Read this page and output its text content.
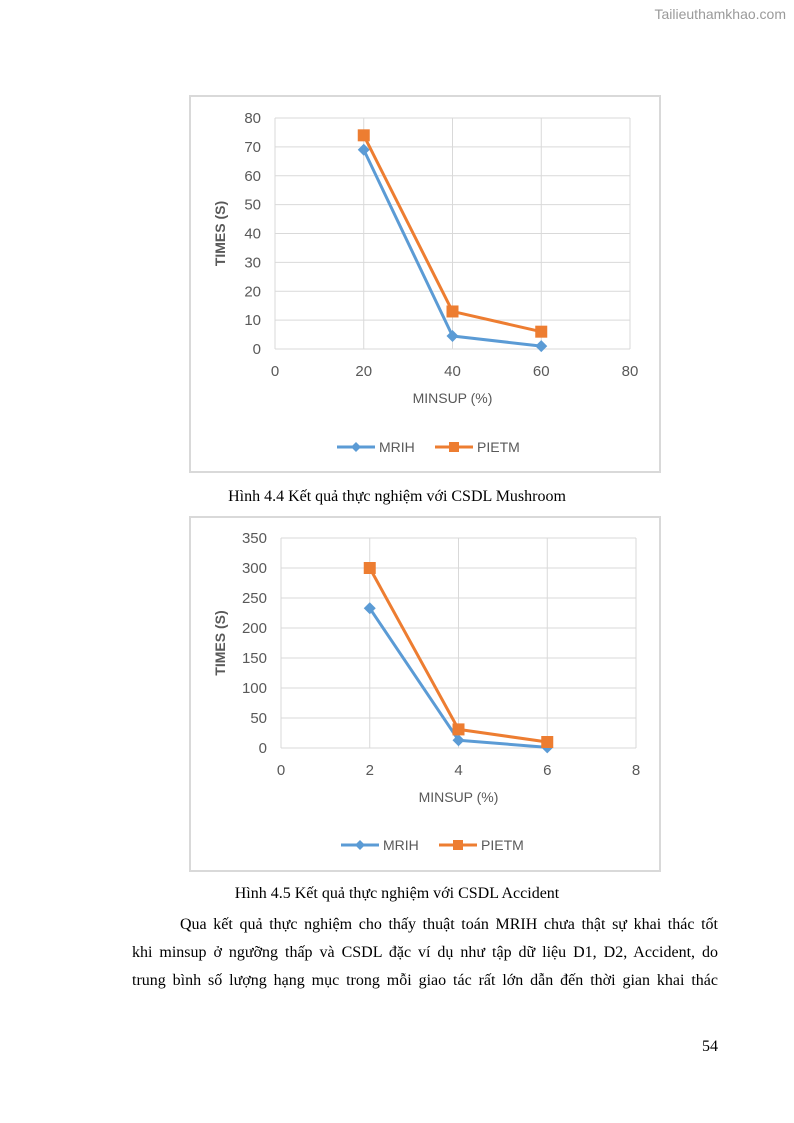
Tailieuthamkhao.com
0
10
20
30
40
50
60
70
80
0	20	40	60	80
MINSUP (%)
TIMES (S)
MRIH	PIETM
Hình 4.4 Kết quả thực nghiệm với CSDL Mushroom
0
50
100
150
200
250
300
350
0	2	4	6	8
MINSUP (%)
TIMES (S)
MRIH	PIETM
Hình 4.5 Kết quả thực nghiệm với CSDL Accident
Qua kết quả thực nghiệm cho thấy thuật toán MRIH chưa thật sự khai thác tốt
khi minsup ở ngưỡng thấp và CSDL đặc ví dụ như tập dữ liệu D1, D2, Accident, do
trung bình số lượng hạng mục trong mỗi giao tác rất lớn dẫn đến thời gian khai thác
54
